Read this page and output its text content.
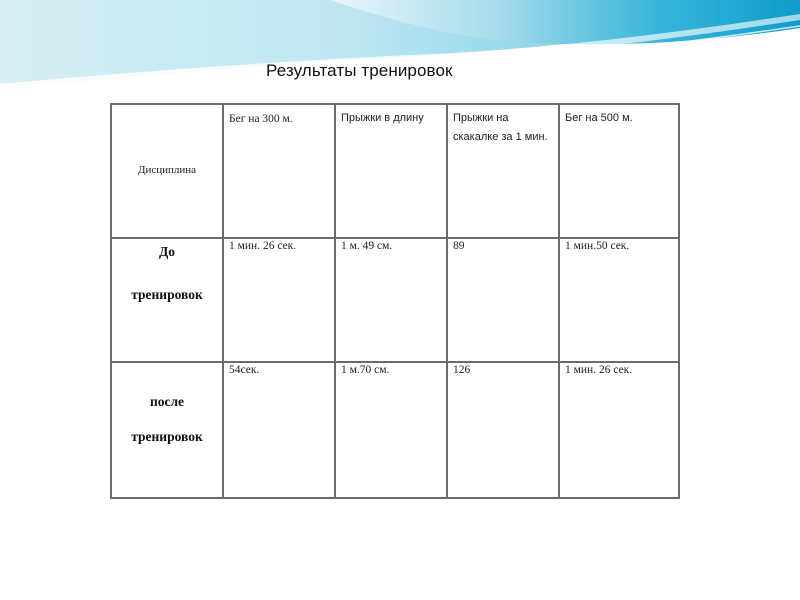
Результаты тренировок
Дисциплина	Бег на 300 м.	Прыжки в длину	Прыжки на скакалке за 1 мин.	Бег на 500 м.

До
тренировок	1 мин. 26 сек.	1 м. 49 см.	89	1 мин.50 сек.

после
тренировок	54сек.	1 м.70 см.	126	1 мин. 26 сек.
